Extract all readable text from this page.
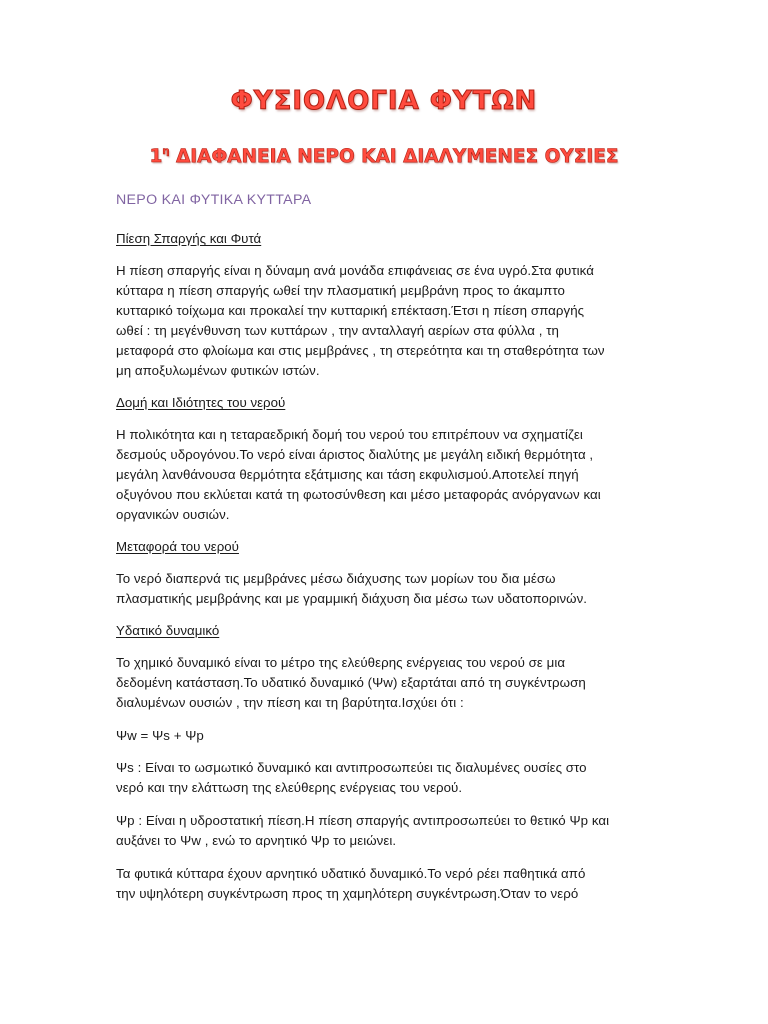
ΦΥΣΙΟΛΟΓΙΑ ΦΥΤΩΝ
$1^\eta$ ΔΙΑΦΑΝΕΙΑ ΝΕΡΟ ΚΑΙ ΔΙΑΛΥΜΕΝΕΣ ΟΥΣΙΕΣ
ΝΕΡΟ ΚΑΙ ΦΥΤΙΚΑ ΚΥΤΤΑΡΑ
Πίεση Σπαργής και Φυτά
Η πίεση σπαργής είναι η δύναμη ανά μονάδα επιφάνειας σε ένα υγρό.Στα φυτικά
κύτταρα η πίεση σπαργής ωθεί την πλασματική μεμβράνη προς το άκαμπτο
κυτταρικό τοίχωμα και προκαλεί την κυτταρική επέκταση.Έτσι η πίεση σπαργής
ωθεί : τη μεγένθυνση των κυττάρων , την ανταλλαγή αερίων στα φύλλα , τη
μεταφορά στο φλοίωμα και στις μεμβράνες , τη στερεότητα και τη σταθερότητα των
μη αποξυλωμένων φυτικών ιστών.
Δομή και Ιδιότητες του νερού
Η πολικότητα και η τεταραεδρική δομή του νερού του επιτρέπουν να σχηματίζει
δεσμούς υδρογόνου.Το νερό είναι άριστος διαλύτης με μεγάλη ειδική θερμότητα ,
μεγάλη λανθάνουσα θερμότητα εξάτμισης και τάση εκφυλισμού.Αποτελεί πηγή
οξυγόνου που εκλύεται κατά τη φωτοσύνθεση και μέσο μεταφοράς ανόργανων και
οργανικών ουσιών.
Μεταφορά του νερού
Το νερό διαπερνά τις μεμβράνες μέσω διάχυσης των μορίων του δια μέσω
πλασματικής μεμβράνης και με γραμμική διάχυση δια μέσω των υδατοπορινών.
Υδατικό δυναμικό
Το χημικό δυναμικό είναι το μέτρο της ελεύθερης ενέργειας του νερού σε μια
δεδομένη κατάσταση.Το υδατικό δυναμικό (Ψw) εξαρτάται από τη συγκέντρωση
διαλυμένων ουσιών , την πίεση και τη βαρύτητα.Ισχύει ότι :
Ψw = Ψs + Ψp
Ψs : Είναι το ωσμωτικό δυναμικό και αντιπροσωπεύει τις διαλυμένες ουσίες στο
νερό και την ελάττωση της ελεύθερης ενέργειας του νερού.
Ψp : Είναι η υδροστατική πίεση.Η πίεση σπαργής αντιπροσωπεύει το θετικό Ψp και
αυξάνει το Ψw , ενώ το αρνητικό Ψp το μειώνει.
Τα φυτικά κύτταρα έχουν αρνητικό υδατικό δυναμικό.Το νερό ρέει παθητικά από
την υψηλότερη συγκέντρωση προς τη χαμηλότερη συγκέντρωση.Όταν το νερό
